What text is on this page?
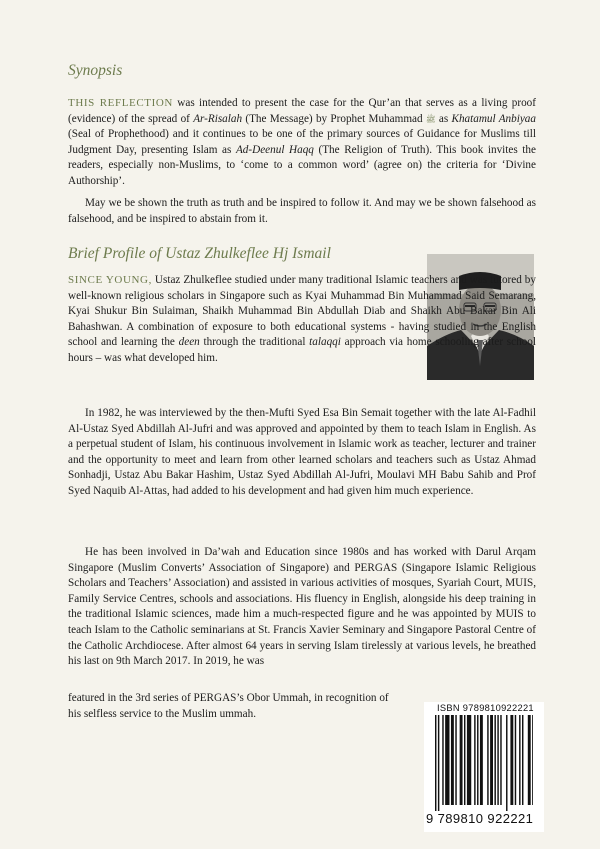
Synopsis

THIS REFLECTION was intended to present the case for the Qur’an that serves as a living proof (evidence) of the spread of Ar-Risalah (The Message) by Prophet Muhammad ﷺ as Khatamul Anbiyaa (Seal of Prophethood) and it continues to be one of the primary sources of Guidance for Muslims till Judgment Day, presenting Islam as Ad-Deenul Haqq (The Religion of Truth). This book invites the readers, especially non-Muslims, to ‘come to a common word’ (agree on) the criteria for ‘Divine Authorship’.

May we be shown the truth as truth and be inspired to follow it. And may we be shown falsehood as falsehood, and be inspired to abstain from it.

Brief Profile of Ustaz Zhulkeflee Hj Ismail

SINCE YOUNG, Ustaz Zhulkeflee studied under many traditional Islamic teachers and was tutored by well-known religious scholars in Singapore such as Kyai Muhammad Bin Muhammad Said Semarang, Kyai Shukur Bin Sulaiman, Shaikh Muhammad Bin Abdullah Diab and Shaikh Abu Bakar Bin Ali Bahashwan. A combination of exposure to both educational systems - having studied in the English school and learning the deen through the traditional talaqqi approach via home schooling after school hours – was what developed him.

In 1982, he was interviewed by the then-Mufti Syed Esa Bin Semait together with the late Al-Fadhil Al-Ustaz Syed Abdillah Al-Jufri and was approved and appointed by them to teach Islam in English. As a perpetual student of Islam, his continuous involvement in Islamic work as teacher, lecturer and trainer and the opportunity to meet and learn from other learned scholars and teachers such as Ustaz Ahmad Sonhadji, Ustaz Abu Bakar Hashim, Ustaz Syed Abdillah Al-Jufri, Moulavi MH Babu Sahib and Prof Syed Naquib Al-Attas, had added to his development and had given him much experience.

He has been involved in Da’wah and Education since 1980s and has worked with Darul Arqam Singapore (Muslim Converts’ Association of Singapore) and PERGAS (Singapore Islamic Religious Scholars and Teachers’ Association) and assisted in various activities of mosques, Syariah Court, MUIS, Family Service Centres, schools and associations. His fluency in English, alongside his deep training in the traditional Islamic sciences, made him a much-respected figure and he was appointed by MUIS to teach Islam to the Catholic seminarians at St. Francis Xavier Seminary and Singapore Pastoral Centre of the Catholic Archdiocese. After almost 64 years in serving Islam tirelessly at various levels, he breathed his last on 9th March 2017. In 2019, he was

featured in the 3rd series of PERGAS’s Obor Ummah, in recognition of
his selfless service to the Muslim ummah.	ISBN 9789810922221
9 789810 922221
